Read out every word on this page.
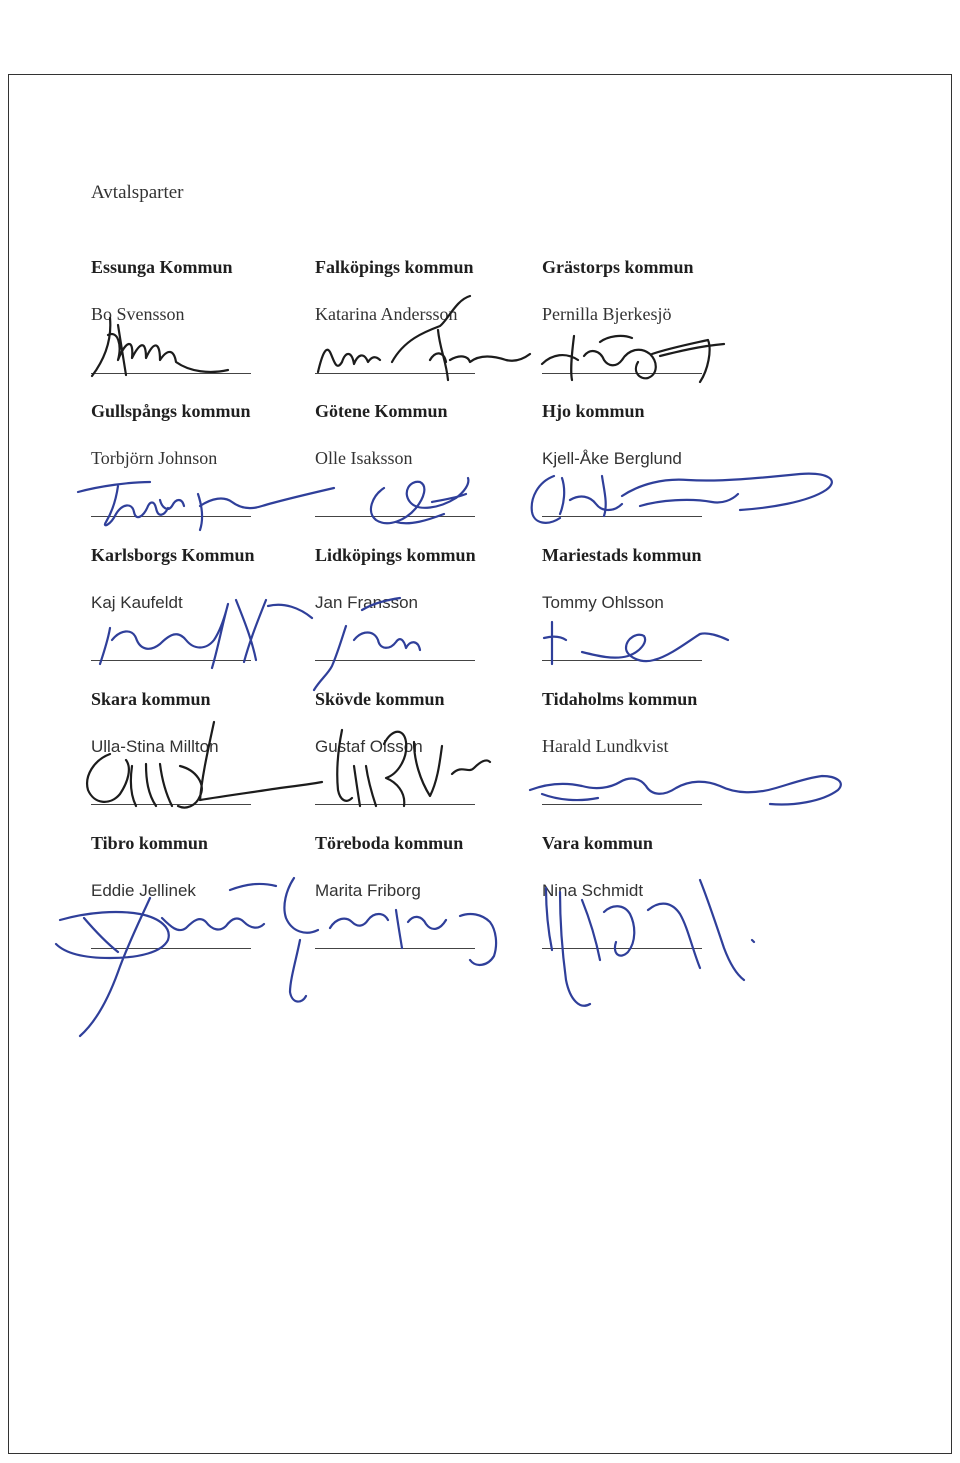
Avtalsparter
Essunga Kommun
Bo Svensson
Falköpings kommun
Katarina Andersson
Grästorps kommun
Pernilla Bjerkesjö
Gullspångs kommun
Torbjörn Johnson
Götene Kommun
Olle Isaksson
Hjo kommun
Kjell-Åke Berglund
Karlsborgs Kommun
Kaj Kaufeldt
Lidköpings kommun
Jan Fransson
Mariestads kommun
Tommy Ohlsson
Skara kommun
Ulla-Stina Millton
Skövde kommun
Gustaf Olsson
Tidaholms kommun
Harald Lundkvist
Tibro kommun
Eddie Jellinek
Töreboda kommun
Marita Friborg
Vara kommun
Nina Schmidt
